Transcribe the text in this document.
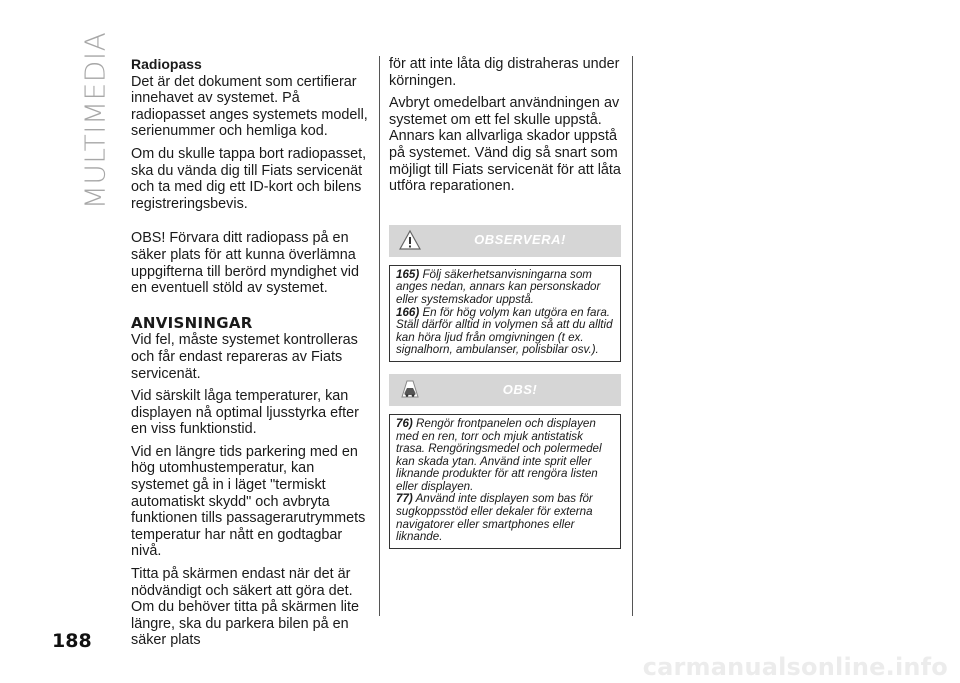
MULTIMEDIA Radiopass

Det är det dokument som certifierar innehavet av systemet. På radiopasset anges systemets modell, serienummer och hemliga kod.

Om du skulle tappa bort radiopasset, ska du vända dig till Fiats servicenät och ta med dig ett ID-kort och bilens registreringsbevis.

OBS! Förvara ditt radiopass på en säker plats för att kunna överlämna uppgifterna till berörd myndighet vid en eventuell stöld av systemet.

ANVISNINGAR

Vid fel, måste systemet kontrolleras och får endast repareras av Fiats servicenät.

Vid särskilt låga temperaturer, kan displayen nå optimal ljusstyrka efter en viss funktionstid.

Vid en längre tids parkering med en hög utomhustemperatur, kan systemet gå in i läget "termiskt automatiskt skydd" och avbryta funktionen tills passagerarutrymmets temperatur har nått en godtagbar nivå.

Titta på skärmen endast när det är nödvändigt och säkert att göra det. Om du behöver titta på skärmen lite längre, ska du parkera bilen på en säker plats

för att inte låta dig distraheras under körningen.

Avbryt omedelbart användningen av systemet om ett fel skulle uppstå. Annars kan allvarliga skador uppstå på systemet. Vänd dig så snart som möjligt till Fiats servicenät för att låta utföra reparationen.

OBSERVERA!

165) Följ säkerhetsanvisningarna som anges nedan, annars kan personskador eller systemskador uppstå.

166) En för hög volym kan utgöra en fara. Ställ därför alltid in volymen så att du alltid kan höra ljud från omgivningen (t ex. signalhorn, ambulanser, polisbilar osv.).

OBS!

76) Rengör frontpanelen och displayen med en ren, torr och mjuk antistatisk trasa. Rengöringsmedel och polermedel kan skada ytan. Använd inte sprit eller liknande produkter för att rengöra listen eller displayen.

77) Använd inte displayen som bas för sugkoppsstöd eller dekaler för externa navigatorer eller smartphones eller liknande.

188
carmanualsonline.info
